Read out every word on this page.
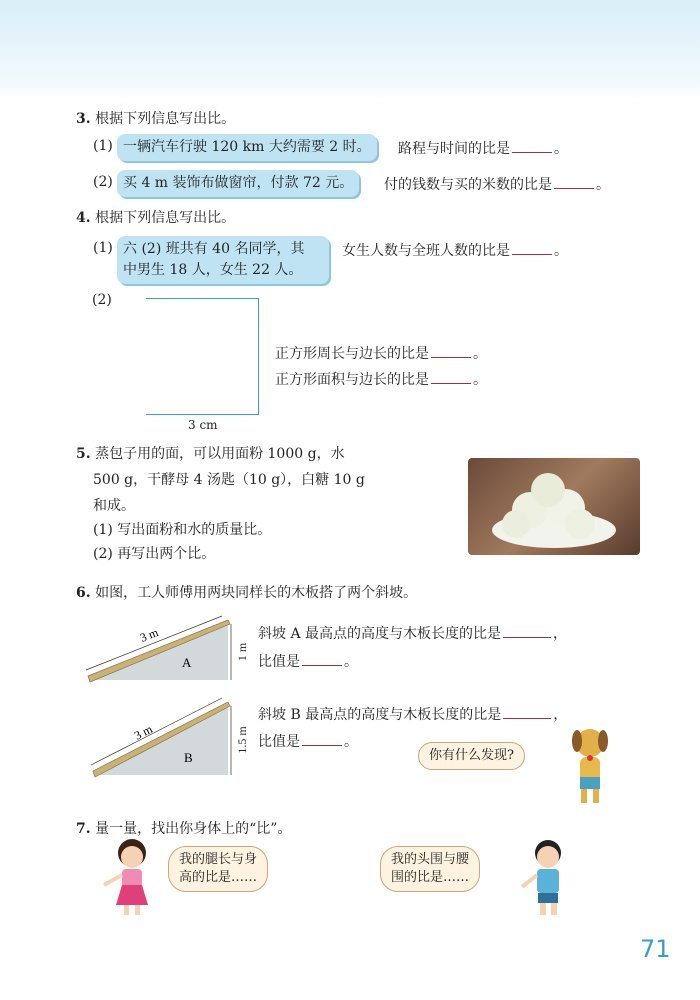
3. 根据下列信息写出比。
(1) 一辆汽车行驶 120 km 大约需要 2 时。	路程与时间的比是	。
(2) 买 4 m 装饰布做窗帘，付款 72 元。	付的钱数与买的米数的比是	。
4. 根据下列信息写出比。
(1) 六 (2) 班共有 40 名同学，其
中男生 18 人，女生 22 人。
女生人数与全班人数的比是	。
(2)
3 cm
正方形周长与边长的比是	。
正方形面积与边长的比是	。
5. 蒸包子用的面，可以用面粉 1000 g，水
500 g，干酵母 4 汤匙（10 g），白糖 10 g
和成。
(1) 写出面粉和水的质量比。
(2) 再写出两个比。
6. 如图，工人师傅用两块同样长的木板搭了两个斜坡。
A
3 m
1 m
B
3 m	1.5 m
斜坡 A 最高点的高度与木板长度的比是	，
比值是	。
斜坡 B 最高点的高度与木板长度的比是	，
比值是	。
你有什么发现?
7. 量一量，找出你身体上的“比”。
我的腿长与身
高的比是……
我的头围与腰
围的比是……
71
